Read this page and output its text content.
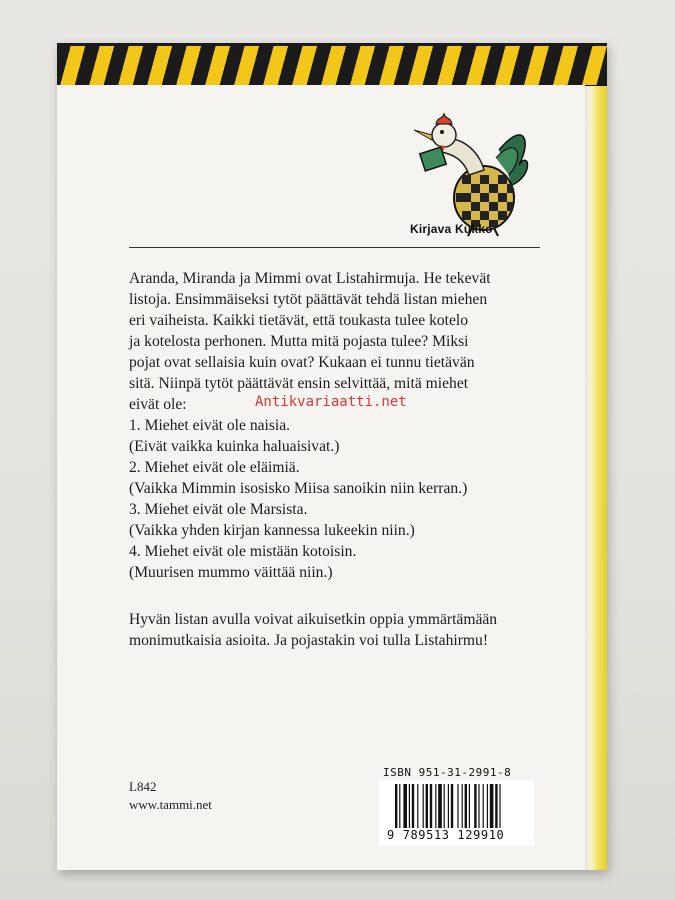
Kirjava Kukko

Aranda, Miranda ja Mimmi ovat Listahirmuja. He tekevät

listoja. Ensimmäiseksi tytöt päättävät tehdä listan miehen

eri vaiheista. Kaikki tietävät, että toukasta tulee kotelo

ja kotelosta perhonen. Mutta mitä pojasta tulee? Miksi

pojat ovat sellaisia kuin ovat? Kukaan ei tunnu tietävän

sitä. Niinpä tytöt päättävät ensin selvittää, mitä miehet

eivät ole:

1. Miehet eivät ole naisia.

(Eivät vaikka kuinka haluaisivat.)

2. Miehet eivät ole eläimiä.

(Vaikka Mimmin isosisko Miisa sanoikin niin kerran.)

3. Miehet eivät ole Marsista.

(Vaikka yhden kirjan kannessa lukeekin niin.)

4. Miehet eivät ole mistään kotoisin.

(Muurisen mummo väittää niin.)

Antikvariaatti.net

Hyvän listan avulla voivat aikuisetkin oppia ymmärtämään

monimutkaisia asioita. Ja pojastakin voi tulla Listahirmu!

L842
www.tammi.net
ISBN 951-31-2991-8
9 789513 129910
